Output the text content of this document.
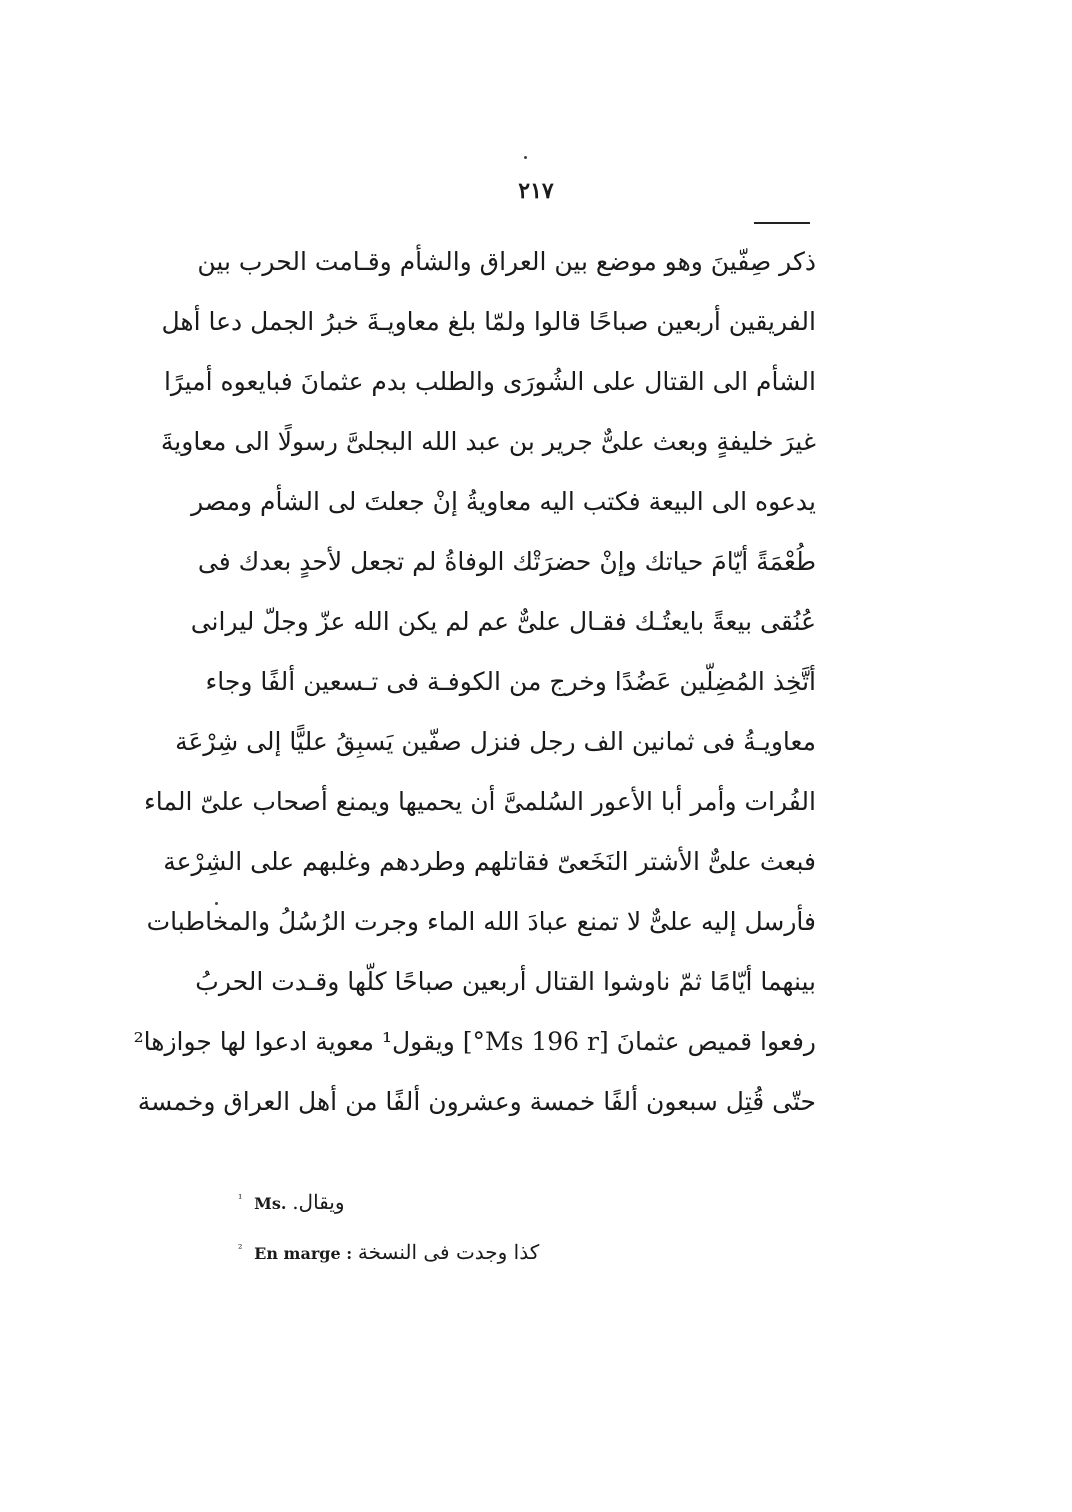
٢١٧
ذكر صِفّينَ وهو موضع بين العراق والشأم وقـامت الحرب بين
الفريقين أربعين صباحًا قالوا ولمّا بلغ معاويـةَ خبرُ الجمل دعا أهل
الشأم الى القتال على الشُورَى والطلب بدم عثمانَ فبايعوه أميرًا
غيرَ خليفةٍ وبعث علىٌّ جرير بن عبد الله البجلىَّ رسولًا الى معاويةَ
يدعوه الى البيعة فكتب اليه معاويةُ إنْ جعلتَ لى الشأم ومصر
طُعْمَةً أيّامَ حياتك وإنْ حضرَتْك الوفاةُ لم تجعل لأحدٍ بعدك فى
عُنُقى بيعةً بايعتُـك فقـال علىٌّ عم لم يكن الله عزّ وجلّ ليرانى
أتَّخِذ المُضِلّين عَضُدًا وخرج من الكوفـة فى تـسعين ألفًا وجاء
معاويـةُ فى ثمانين الف رجل فنزل صفّين يَسبِقُ عليًّا إلى شِرْعَة
الفُرات وأمر أبا الأعور السُلمىَّ أن يحميها ويمنع أصحاب علىّ الماء
فبعث علىٌّ الأشتر النَخَعىّ فقاتلهم وطردهم وغلبهم على الشِرْعة
فأرسل إليه علىٌّ لا تمنع عبادَ الله الماء وجرت الرُسُلُ والمخاطبات
بينهما أيّامًا ثمّ ناوشوا القتال أربعين صباحًا كلّها وقـدت الحربُ
رفعوا قميص عثمانَ [Ms 196 r°] ويقول¹ معوية ادعوا لها جوازها²
حتّى قُتِل سبعون ألفًا خمسة وعشرون ألفًا من أهل العراق وخمسة
$^{^1}$ Ms. ويقال.
$^{^2}$ En marge : كذا وجدت فى النسخة
